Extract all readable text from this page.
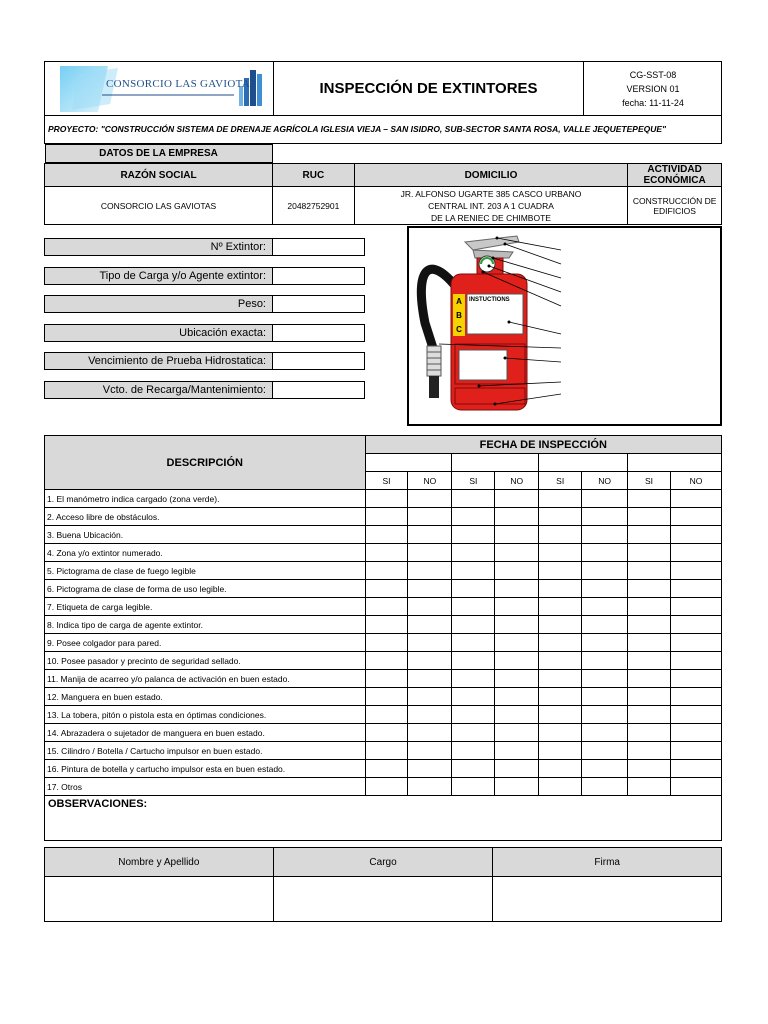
CONSORCIO LAS GAVIOTAS	INSPECCIÓN DE EXTINTORES
CG-SST-08
VERSION 01
fecha: 11-11-24
PROYECTO: "CONSTRUCCIÓN SISTEMA DE DRENAJE AGRÍCOLA IGLESIA VIEJA – SAN ISIDRO, SUB-SECTOR SANTA ROSA, VALLE JEQUETEPEQUE"
DATOS DE LA EMPRESA

RAZÓN SOCIAL	RUC	DOMICILIO	ACTIVIDAD ECONÓMICA
CONSORCIO LAS GAVIOTAS	20482752901	JR. ALFONSO UGARTE 385 CASCO URBANO
CENTRAL INT. 203 A 1 CUADRA
DE LA RENIEC DE CHIMBOTE	CONSTRUCCIÓN DE EDIFICIOS
Nº Extintor:
Tipo de Carga y/o Agente extintor:
Peso:
Ubicación exacta:
Vencimiento de Prueba Hidrostatica:
Vcto. de Recarga/Mantenimiento:
A
B
C
INSTUCTIONS
DESCRIPCIÓN	FECHA DE INSPECCIÓN							

	SI	NO	SI	NO	SI	NO	SI	NO
1. El manómetro indica cargado (zona verde).								
2. Acceso libre de obstáculos.								
3. Buena Ubicación.								
4. Zona y/o extintor numerado.								
5. Pictograma de clase de fuego legible								
6. Pictograma de clase de forma de uso legible.								
7. Etiqueta de carga legible.								
8. Indica tipo de carga de agente extintor.								
9. Posee colgador para pared.								
10. Posee pasador y precinto de seguridad sellado.								
11. Manija de acarreo y/o palanca de activación en buen estado.								
12. Manguera en buen estado.								
13. La tobera, pitón o pistola esta en óptimas condiciones.								
14. Abrazadera o sujetador de manguera en buen estado.								
15. Cilindro / Botella / Cartucho impulsor en buen estado.								
16. Pintura de botella y cartucho impulsor esta en buen estado.								
17. Otros								
OBSERVACIONES:
Nombre y Apellido	Cargo	Firma
